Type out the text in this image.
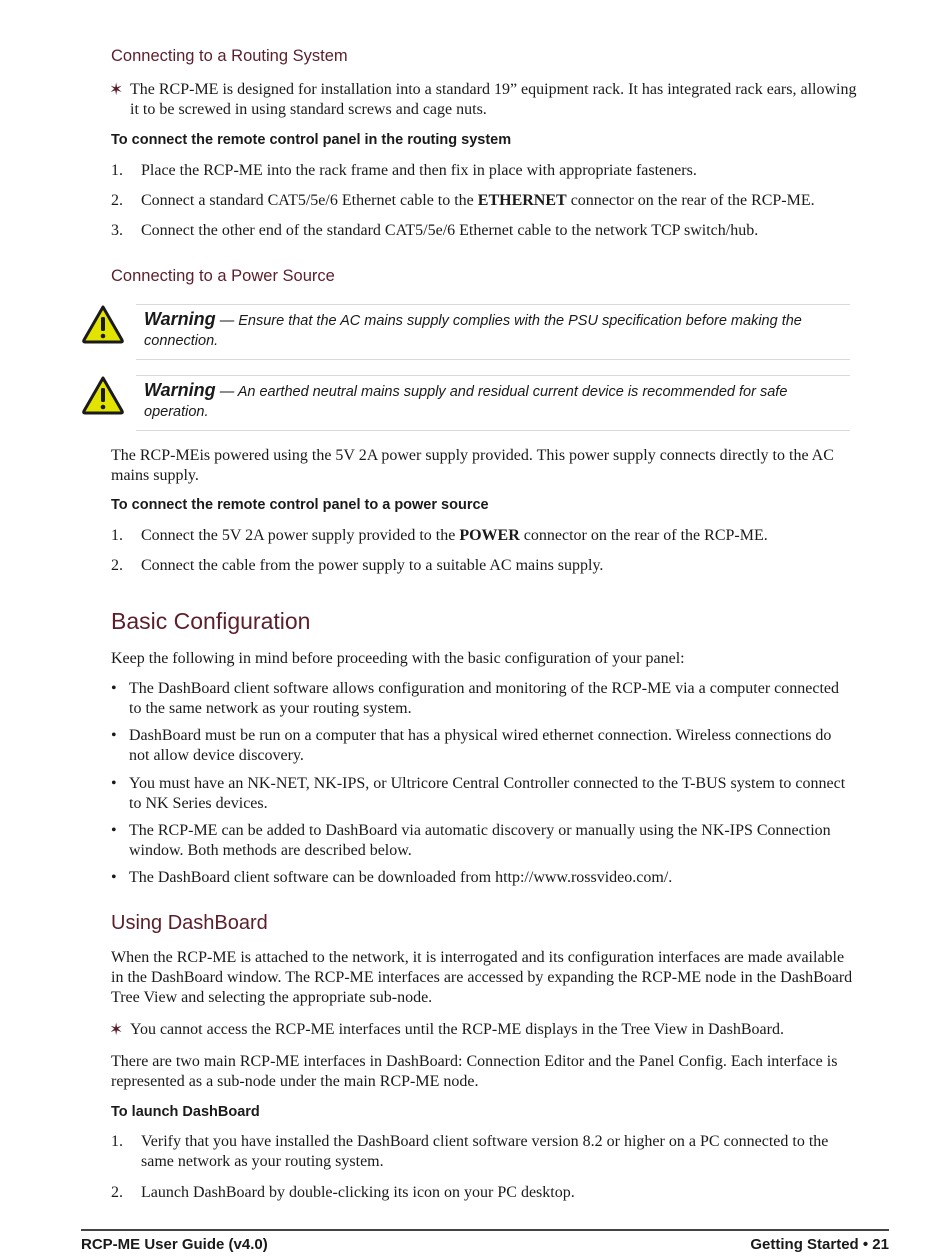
Connecting to a Routing System
✶ The RCP-ME is designed for installation into a standard 19” equipment rack. It has integrated rack ears, allowing
it to be screwed in using standard screws and cage nuts.
To connect the remote control panel in the routing system
1. Place the RCP-ME into the rack frame and then fix in place with appropriate fasteners.
2. Connect a standard CAT5/5e/6 Ethernet cable to the ETHERNET connector on the rear of the RCP-ME.
3. Connect the other end of the standard CAT5/5e/6 Ethernet cable to the network TCP switch/hub.
Connecting to a Power Source
Warning — Ensure that the AC mains supply complies with the PSU specification before making the
connection.
Warning — An earthed neutral mains supply and residual current device is recommended for safe
operation.
The RCP-MEis powered using the 5V 2A power supply provided. This power supply connects directly to the AC
mains supply.
To connect the remote control panel to a power source
1. Connect the 5V 2A power supply provided to the POWER connector on the rear of the RCP-ME.
2. Connect the cable from the power supply to a suitable AC mains supply.
Basic Configuration
Keep the following in mind before proceeding with the basic configuration of your panel:
• The DashBoard client software allows configuration and monitoring of the RCP-ME via a computer connected
to the same network as your routing system.
• DashBoard must be run on a computer that has a physical wired ethernet connection. Wireless connections do
not allow device discovery.
• You must have an NK-NET, NK-IPS, or Ultricore Central Controller connected to the T-BUS system to connect
to NK Series devices.
• The RCP-ME can be added to DashBoard via automatic discovery or manually using the NK-IPS Connection
window. Both methods are described below.
• The DashBoard client software can be downloaded from http://www.rossvideo.com/.
Using DashBoard
When the RCP-ME is attached to the network, it is interrogated and its configuration interfaces are made available
in the DashBoard window. The RCP-ME interfaces are accessed by expanding the RCP-ME node in the DashBoard
Tree View and selecting the appropriate sub-node.
✶ You cannot access the RCP-ME interfaces until the RCP-ME displays in the Tree View in DashBoard.
There are two main RCP-ME interfaces in DashBoard: Connection Editor and the Panel Config. Each interface is
represented as a sub-node under the main RCP-ME node.
To launch DashBoard
1. Verify that you have installed the DashBoard client software version 8.2 or higher on a PC connected to the
same network as your routing system.
2. Launch DashBoard by double-clicking its icon on your PC desktop.
RCP-ME User Guide (v4.0)	Getting Started • 21
